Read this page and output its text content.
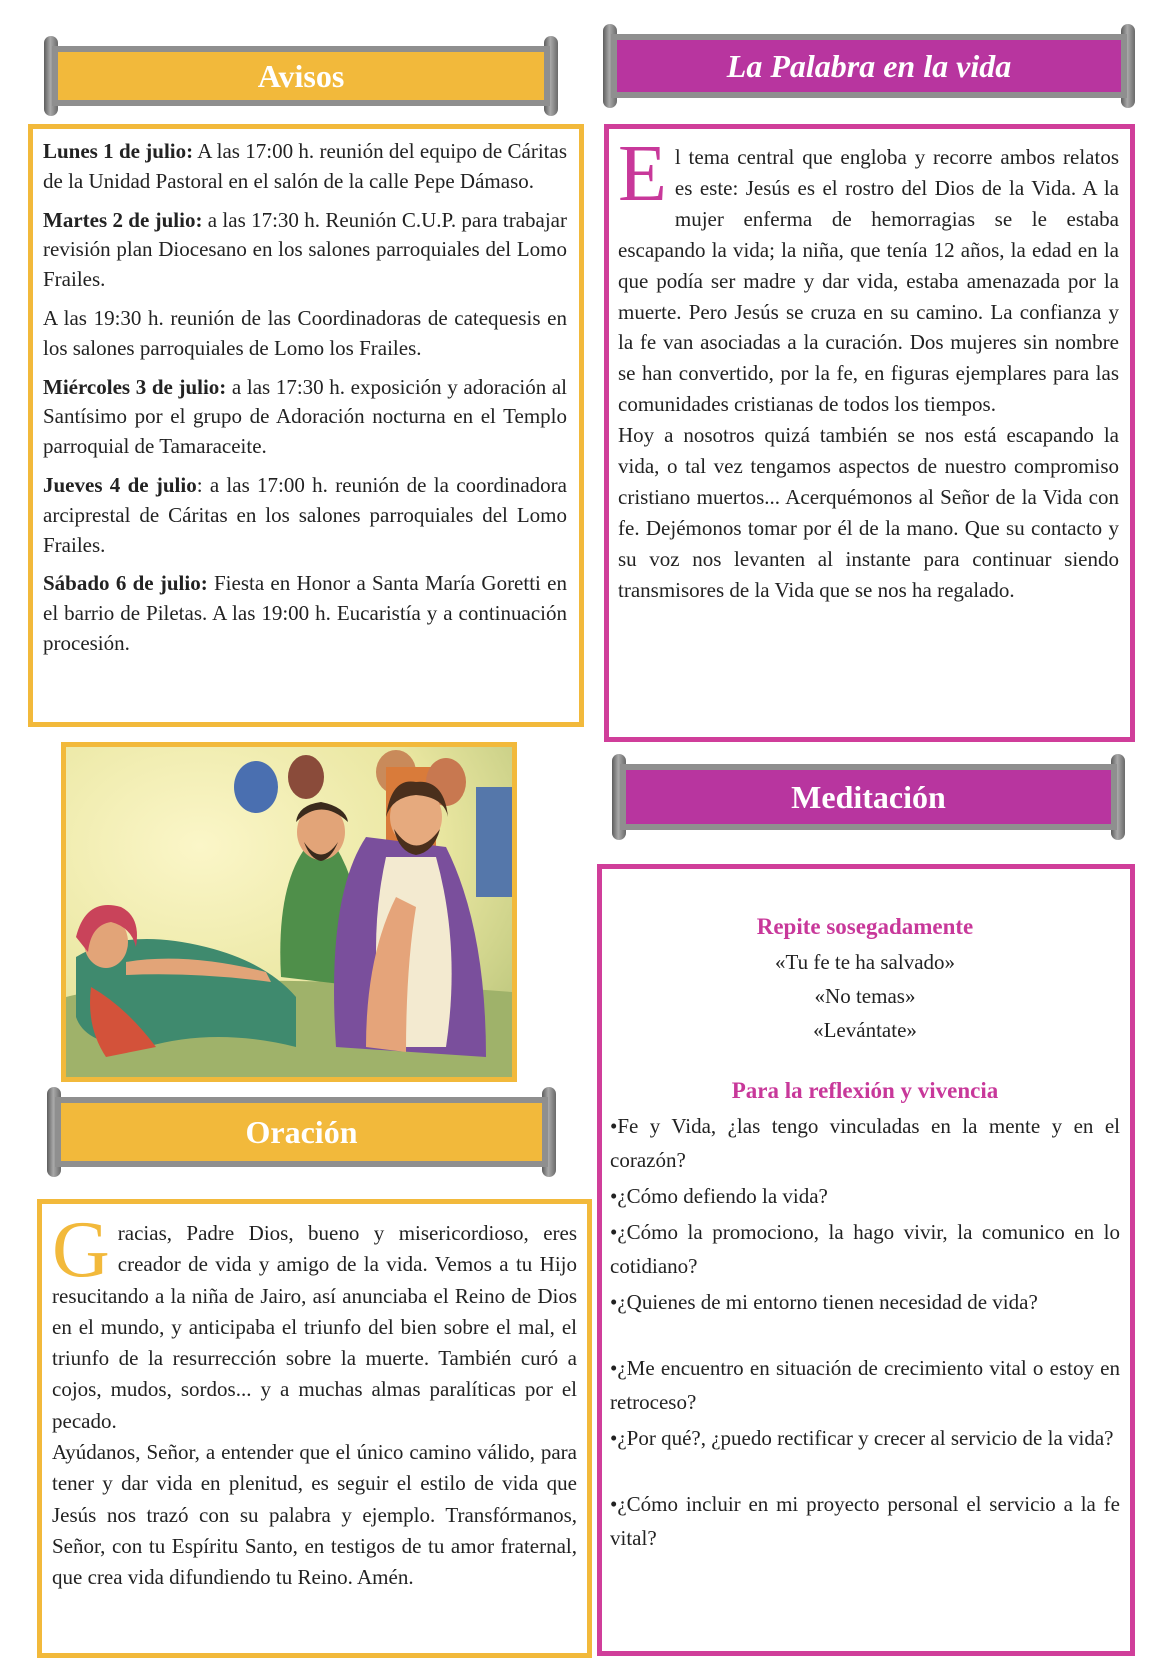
Avisos

Lunes 1 de julio: A las 17:00 h. reunión del equipo de Cáritas de la Unidad Pastoral en el salón de la calle Pepe Dámaso.

Martes 2 de julio: a las 17:30 h. Reunión C.U.P. para trabajar revisión plan Diocesano en los salones parroquiales del Lomo Frailes.

A las 19:30 h. reunión de las Coordinadoras de catequesis en los salones parroquiales de Lomo los Frailes.

Miércoles 3 de julio: a las 17:30 h. exposición y adoración al Santísimo por el grupo de Adoración nocturna en el Templo parroquial de Tamaraceite.

Jueves 4 de julio: a las 17:00 h. reunión de la coordinadora arciprestal de Cáritas en los salones parroquiales del Lomo Frailes.

Sábado 6 de julio: Fiesta en Honor a Santa María Goretti en el barrio de Piletas. A las 19:00 h. Eucaristía y a continuación procesión.

La Palabra en la vida

El tema central que engloba y recorre ambos relatos es este: Jesús es el rostro del Dios de la Vida. A la mujer enferma de hemorragias se le estaba escapando la vida; la niña, que tenía 12 años, la edad en la que podía ser madre y dar vida, estaba amenazada por la muerte. Pero Jesús se cruza en su camino. La confianza y la fe van asociadas a la curación. Dos mujeres sin nombre se han convertido, por la fe, en figuras ejemplares para las comunidades cristianas de todos los tiempos.

Hoy a nosotros quizá también se nos está escapando la vida, o tal vez tengamos aspectos de nuestro compromiso cristiano muertos... Acerquémonos al Señor de la Vida con fe. Dejémonos tomar por él de la mano. Que su contacto y su voz nos levanten al instante para continuar siendo transmisores de la Vida que se nos ha regalado.

Oración

Gracias, Padre Dios, bueno y misericordioso, eres creador de vida y amigo de la vida. Vemos a tu Hijo resucitando a la niña de Jairo, así anunciaba el Reino de Dios en el mundo, y anticipaba el triunfo del bien sobre el mal, el triunfo de la resurrección sobre la muerte. También curó a cojos, mudos, sordos... y a muchas almas paralíticas por el pecado.

Ayúdanos, Señor, a entender que el único camino válido, para tener y dar vida en plenitud, es seguir el estilo de vida que Jesús nos trazó con su palabra y ejemplo. Transfórmanos, Señor, con tu Espíritu Santo, en testigos de tu amor fraternal, que crea vida difundiendo tu Reino. Amén.

Meditación
Repite sosegadamente
«Tu fe te ha salvado»
«No temas»
«Levántate»
Para la reflexión y vivencia

•Fe y Vida, ¿las tengo vinculadas en la mente y en el corazón?

•¿Cómo defiendo la vida?

•¿Cómo la promociono, la hago vivir, la comunico en lo cotidiano?

•¿Quienes de mi entorno tienen necesidad de vida?

•¿Me encuentro en situación de crecimiento vital o estoy en retroceso?

•¿Por qué?, ¿puedo rectificar y crecer al servicio de la vida?

•¿Cómo incluir en mi proyecto personal el servicio a la fe vital?
